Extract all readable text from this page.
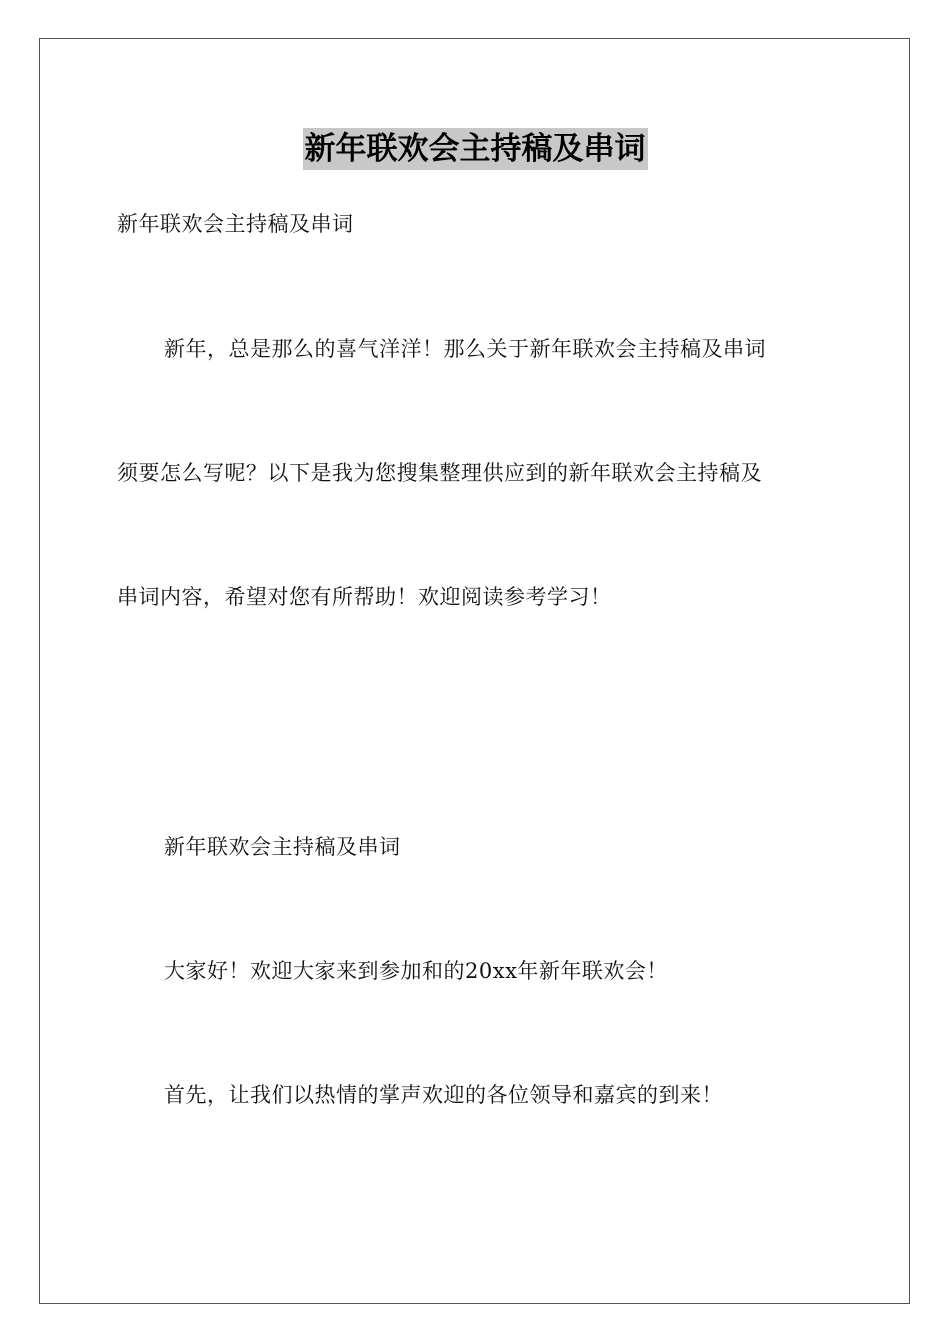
新年联欢会主持稿及串词
新年联欢会主持稿及串词
新年，总是那么的喜气洋洋！那么关于新年联欢会主持稿及串词
须要怎么写呢？以下是我为您搜集整理供应到的新年联欢会主持稿及
串词内容，希望对您有所帮助！欢迎阅读参考学习！
新年联欢会主持稿及串词
大家好！欢迎大家来到参加和的20xx年新年联欢会！
首先，让我们以热情的掌声欢迎的各位领导和嘉宾的到来！
